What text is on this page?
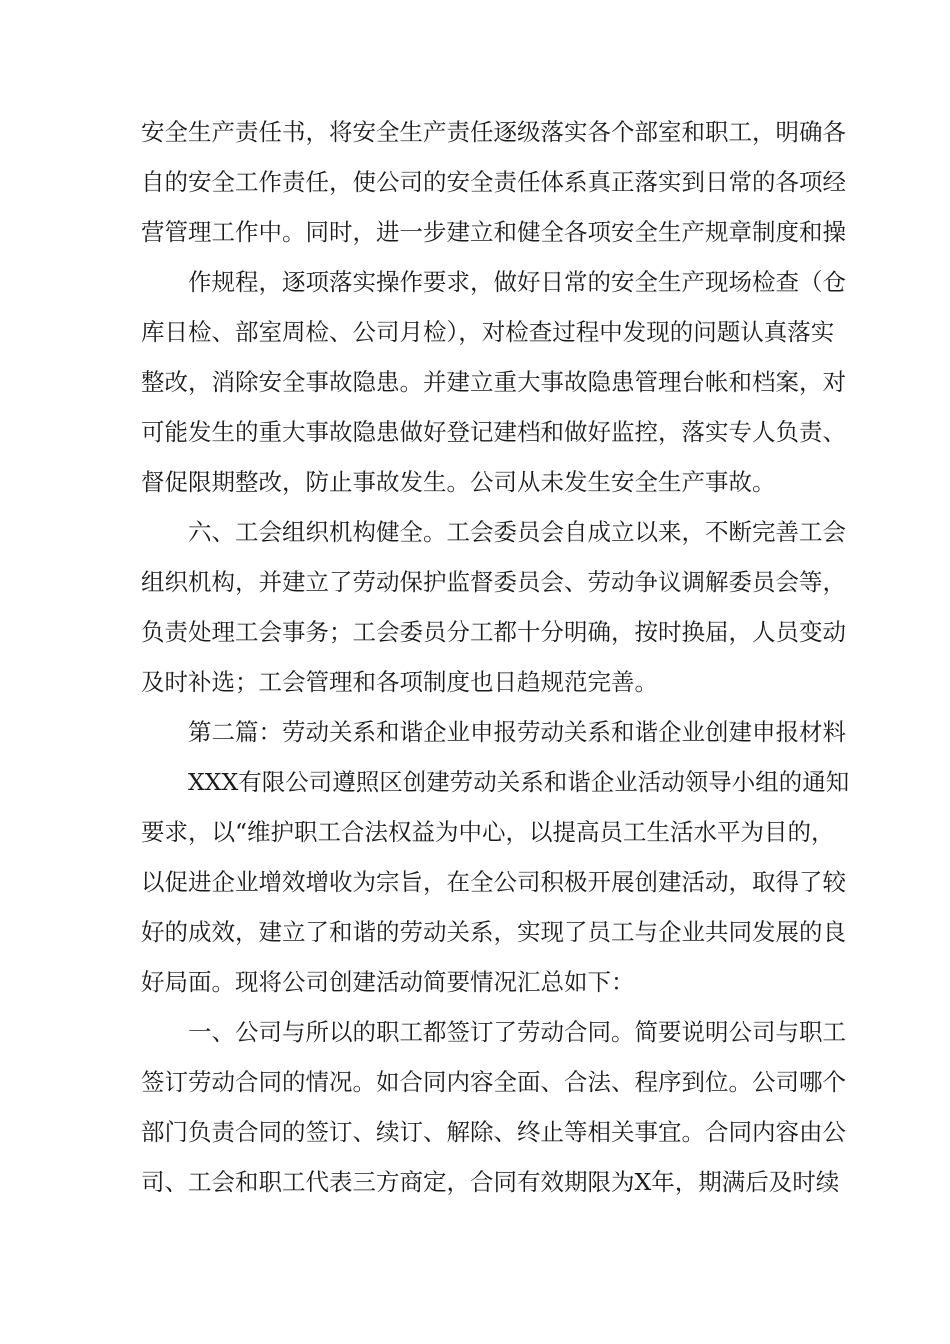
安全生产责任书，将安全生产责任逐级落实各个部室和职工，明确各
自的安全工作责任，使公司的安全责任体系真正落实到日常的各项经
营管理工作中。同时，进一步建立和健全各项安全生产规章制度和操
作规程，逐项落实操作要求，做好日常的安全生产现场检查（仓
库日检、部室周检、公司月检），对检查过程中发现的问题认真落实
整改，消除安全事故隐患。并建立重大事故隐患管理台帐和档案，对
可能发生的重大事故隐患做好登记建档和做好监控，落实专人负责、
督促限期整改，防止事故发生。公司从未发生安全生产事故。
六、工会组织机构健全。工会委员会自成立以来，不断完善工会
组织机构，并建立了劳动保护监督委员会、劳动争议调解委员会等，
负责处理工会事务；工会委员分工都十分明确，按时换届，人员变动
及时补选；工会管理和各项制度也日趋规范完善。
第二篇：劳动关系和谐企业申报劳动关系和谐企业创建申报材料
XXX有限公司遵照区创建劳动关系和谐企业活动领导小组的通知
要求，以“维护职工合法权益为中心，以提高员工生活水平为目的，
以促进企业增效增收为宗旨，在全公司积极开展创建活动，取得了较
好的成效，建立了和谐的劳动关系，实现了员工与企业共同发展的良
好局面。现将公司创建活动简要情况汇总如下：
一、公司与所以的职工都签订了劳动合同。简要说明公司与职工
签订劳动合同的情况。如合同内容全面、合法、程序到位。公司哪个
部门负责合同的签订、续订、解除、终止等相关事宜。合同内容由公
司、工会和职工代表三方商定，合同有效期限为X年，期满后及时续
